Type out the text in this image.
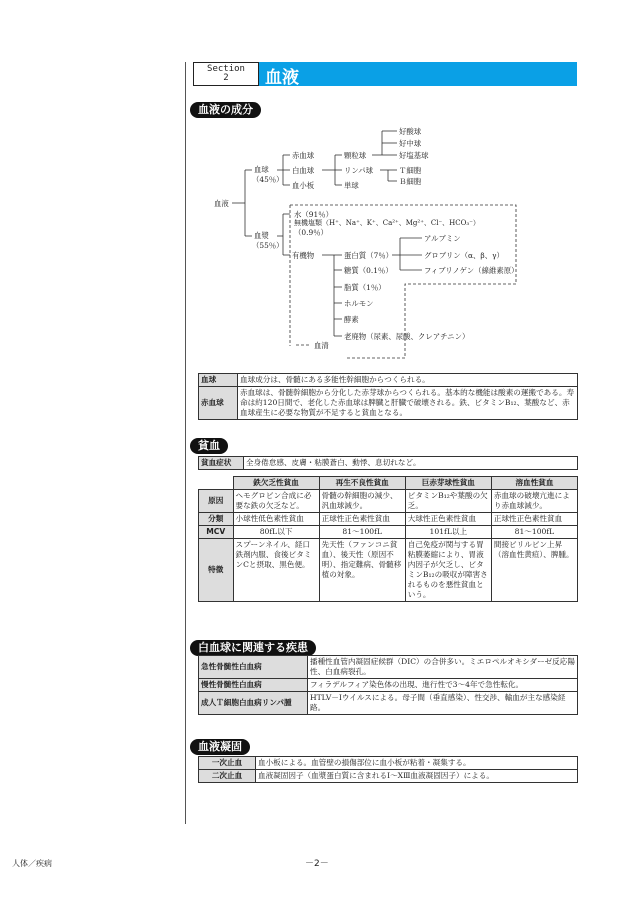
Section
2	血液
血液の成分
血液
血球
（45％）
血漿
（55％）
赤血球
白血球
血小板
顆粒球
リンパ球
単球
好酸球
好中球
好塩基球
Ｔ細胞
Ｂ細胞
水（91％）
無機塩類（H⁺、Na⁺、K⁺、Ca²⁺、Mg²⁺、Cl⁻、HCO₃⁻）
（0.9％）
有機物	蛋白質（7％）
糖質（0.1％）
脂質（1％）
ホルモン
酵素
老廃物（尿素、尿酸、クレアチニン）
アルブミン
グロブリン（α、β、γ）
フィブリノゲン（線維素原）
血清
血球	血球成分は、骨髄にある多能性幹細胞からつくられる。
赤血球	赤血球は、骨髄幹細胞から分化した赤芽球からつくられる。基本的な機能は酸素の運搬である。寿命は約120日間で、老化した赤血球は脾臓と肝臓で破壊される。鉄、ビタミンB₁₂、葉酸など、赤血球産生に必要な物質が不足すると貧血となる。
貧血
貧血症状	全身倦怠感、皮膚・粘膜蒼白、動悸、息切れなど。
	鉄欠乏性貧血	再生不良性貧血	巨赤芽球性貧血	溶血性貧血
原因	ヘモグロビン合成に必要な鉄の欠乏など。	骨髄の幹細胞の減少、汎血球減少。	ビタミンB₁₂や葉酸の欠乏。	赤血球の破壊亢進により赤血球減少。
分類	小球性低色素性貧血	正球性正色素性貧血	大球性正色素性貧血	正球性正色素性貧血
MCV	80fL以下	81～100fL	101fL以上	81～100fL
特徴	スプーンネイル、経口鉄剤内服、食後ビタミンCと摂取、黒色便。	先天性（ファンコニ貧血）、後天性（原因不明）、指定難病、骨髄移植の対象。	自己免疫が関与する胃粘膜萎縮により、胃液内因子が欠乏し、ビタミンB₁₂の吸収が障害されるものを悪性貧血という。	間接ビリルビン上昇（溶血性黄疸）、脾腫。
白血球に関連する疾患
急性骨髄性白血病	播種性血管内凝固症候群（DIC）の合併多い。ミエロペルオキシダーゼ反応陽性、白血病裂孔。
慢性骨髄性白血病	フィラデルフィア染色体の出現、進行性で3～4年で急性転化。
成人Ｔ細胞白血病リンパ腫	HTLV－Ⅰウイルスによる。母子間（垂直感染）、性交渉、輸血が主な感染経路。
血液凝固
一次止血	血小板による。血管壁の損傷部位に血小板が粘着・凝集する。
二次止血	血液凝固因子（血漿蛋白質に含まれるⅠ～ⅩⅢ血液凝固因子）による。
人体／疾病	－2－
